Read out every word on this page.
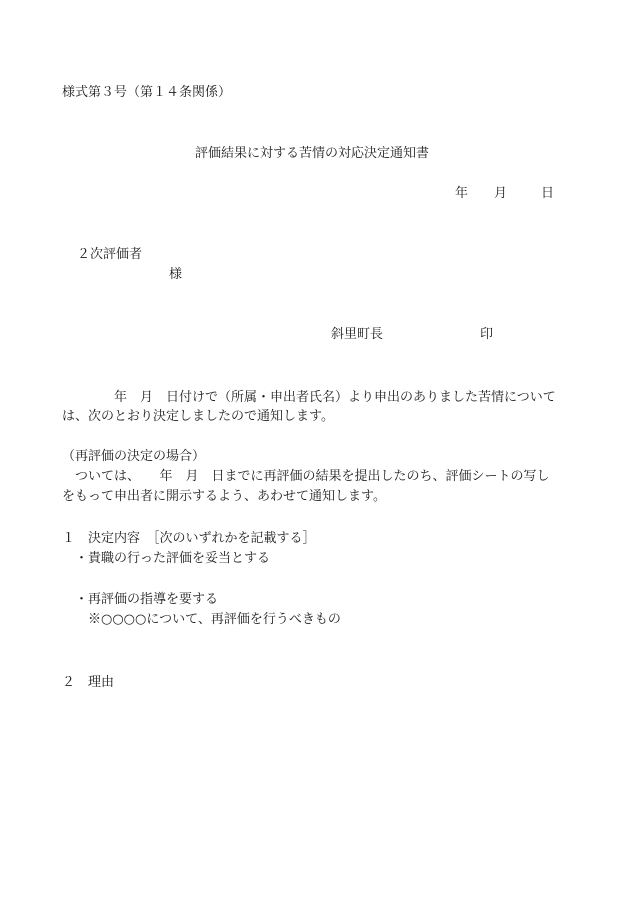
様式第３号（第１４条関係）
評価結果に対する苦情の対応決定通知書
年 月	日
２次評価者
様
斜里町長	印
　　　　年　月　日付けで（所属・申出者氏名）より申出のありました苦情について
は、次のとおり決定しましたので通知します。
（再評価の決定の場合）
　ついては、　　年　月　日までに再評価の結果を提出したのち、評価シートの写し
をもって申出者に開示するよう、あわせて通知します。
１　決定内容　［次のいずれかを記載する］
　・貴職の行った評価を妥当とする
　・再評価の指導を要する
　　※○○○○について、再評価を行うべきもの
２　理由
